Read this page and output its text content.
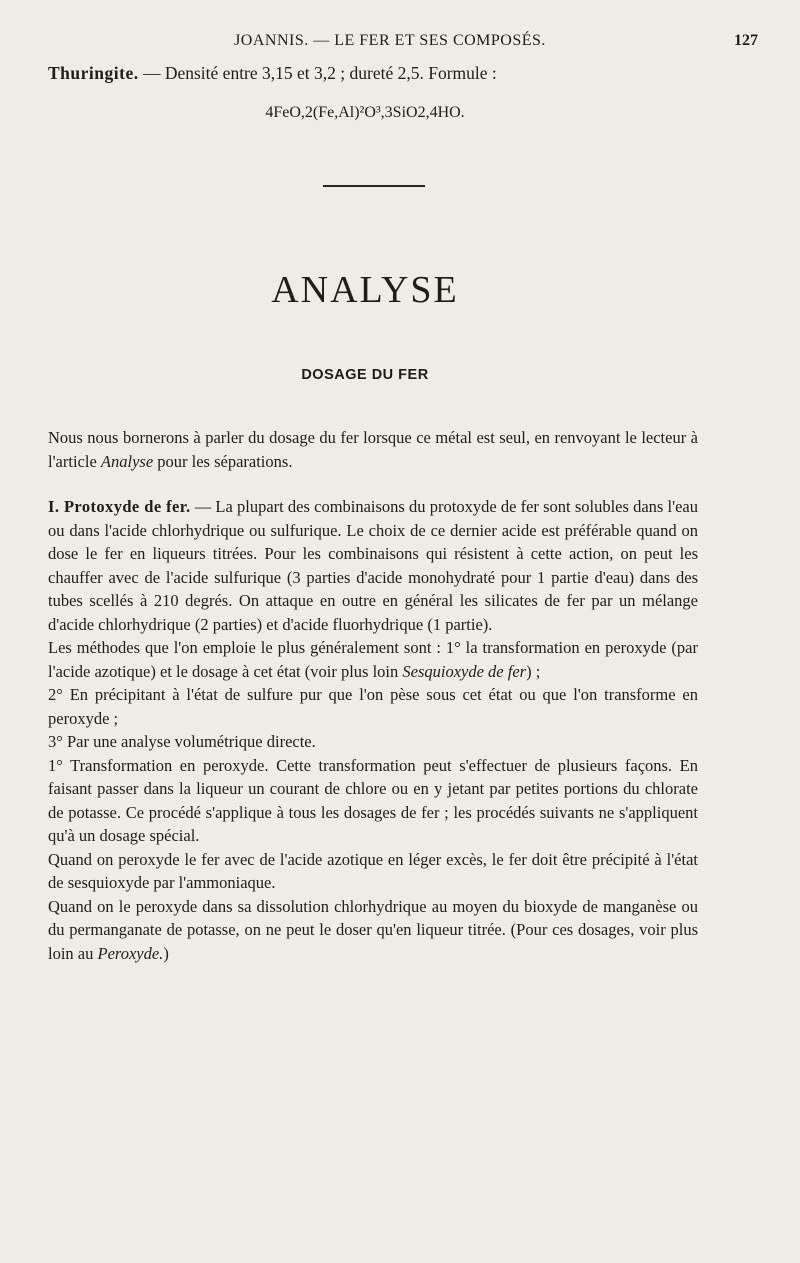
JOANNIS. — LE FER ET SES COMPOSÉS.	127
Thuringite. — Densité entre 3,15 et 3,2 ; dureté 2,5. Formule :
4FeO,2(Fe,Al)²O³,3SiO2,4HO.
ANALYSE
DOSAGE DU FER

Nous nous bornerons à parler du dosage du fer lorsque ce métal est seul, en renvoyant le lecteur à l'article Analyse pour les séparations.

I. Protoxyde de fer. — La plupart des combinaisons du protoxyde de fer sont solubles dans l'eau ou dans l'acide chlorhydrique ou sulfurique. Le choix de ce dernier acide est préférable quand on dose le fer en liqueurs titrées. Pour les combinaisons qui résistent à cette action, on peut les chauffer avec de l'acide sulfurique (3 parties d'acide monohydraté pour 1 partie d'eau) dans des tubes scellés à 210 degrés. On attaque en outre en général les silicates de fer par un mélange d'acide chlorhydrique (2 parties) et d'acide fluorhydrique (1 partie).

Les méthodes que l'on emploie le plus généralement sont : 1° la transformation en peroxyde (par l'acide azotique) et le dosage à cet état (voir plus loin Sesquioxyde de fer) ;

2° En précipitant à l'état de sulfure pur que l'on pèse sous cet état ou que l'on transforme en peroxyde ;

3° Par une analyse volumétrique directe.

1° Transformation en peroxyde. Cette transformation peut s'effectuer de plusieurs façons. En faisant passer dans la liqueur un courant de chlore ou en y jetant par petites portions du chlorate de potasse. Ce procédé s'applique à tous les dosages de fer ; les procédés suivants ne s'appliquent qu'à un dosage spécial.

Quand on peroxyde le fer avec de l'acide azotique en léger excès, le fer doit être précipité à l'état de sesquioxyde par l'ammoniaque.

Quand on le peroxyde dans sa dissolution chlorhydrique au moyen du bioxyde de manganèse ou du permanganate de potasse, on ne peut le doser qu'en liqueur titrée. (Pour ces dosages, voir plus loin au Peroxyde.)
